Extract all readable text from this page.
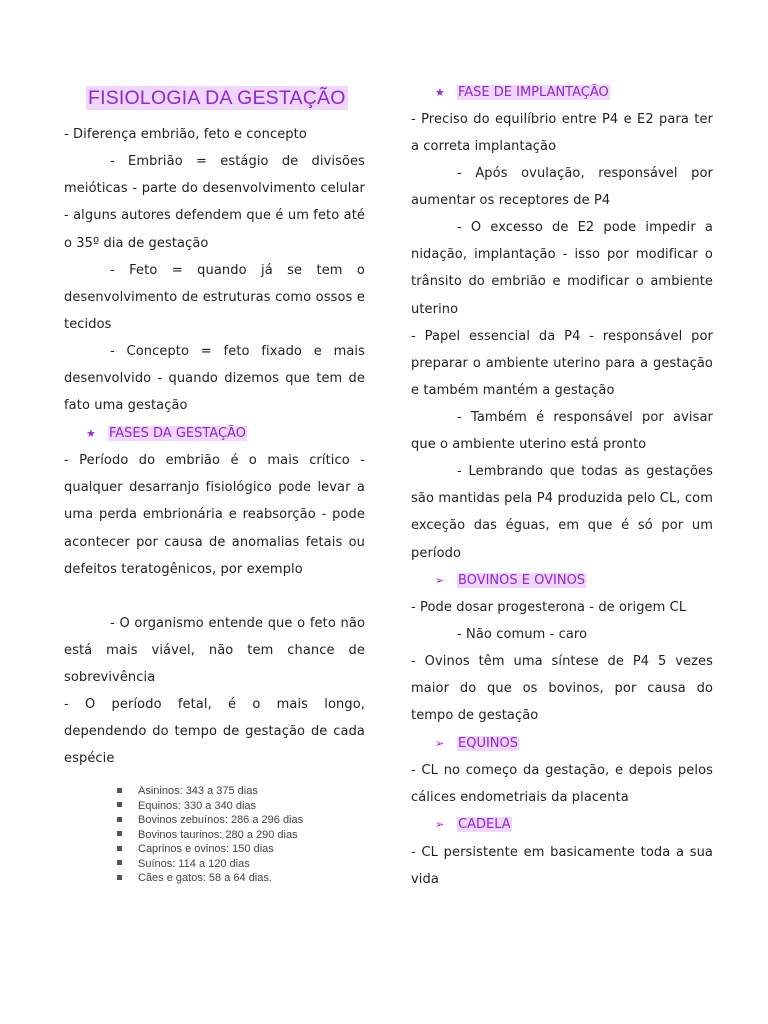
FISIOLOGIA DA GESTAÇÃO

- Diferença embrião, feto e concepto

- Embrião = estágio de divisões meióticas - parte do desenvolvimento celular - alguns autores defendem que é um feto até o 35º dia de gestação

- Feto = quando já se tem o desenvolvimento de estruturas como ossos e tecidos

- Concepto = feto fixado e mais desenvolvido - quando dizemos que tem de fato uma gestação

★ FASES DA GESTAÇÃO

- Período do embrião é o mais crítico - qualquer desarranjo fisiológico pode levar a uma perda embrionária e reabsorção - pode acontecer por causa de anomalias fetais ou defeitos teratogênicos, por exemplo

- O organismo entende que o feto não está mais viável, não tem chance de sobrevivência

- O período fetal, é o mais longo, dependendo do tempo de gestação de cada espécie

Asininos: 343 a 375 dias
Equinos: 330 a 340 dias
Bovinos zebuínos: 286 a 296 dias
Bovinos taurinos: 280 a 290 dias
Caprinos e ovinos: 150 dias
Suínos: 114 a 120 dias
Cães e gatos: 58 a 64 dias.
★ FASE DE IMPLANTAÇÃO

- Preciso do equilíbrio entre P4 e E2 para ter a correta implantação

- Após ovulação, responsável por aumentar os receptores de P4

- O excesso de E2 pode impedir a nidação, implantação - isso por modificar o trânsito do embrião e modificar o ambiente uterino

- Papel essencial da P4 - responsável por preparar o ambiente uterino para a gestação e também mantém a gestação

- Também é responsável por avisar que o ambiente uterino está pronto

- Lembrando que todas as gestações são mantidas pela P4 produzida pelo CL, com exceção das éguas, em que é só por um período

➢ BOVINOS E OVINOS

- Pode dosar progesterona - de origem CL

- Não comum - caro

- Ovinos têm uma síntese de P4 5 vezes maior do que os bovinos, por causa do tempo de gestação

➢ EQUINOS

- CL no começo da gestação, e depois pelos cálices endometriais da placenta

➢ CADELA

- CL persistente em basicamente toda a sua vida
